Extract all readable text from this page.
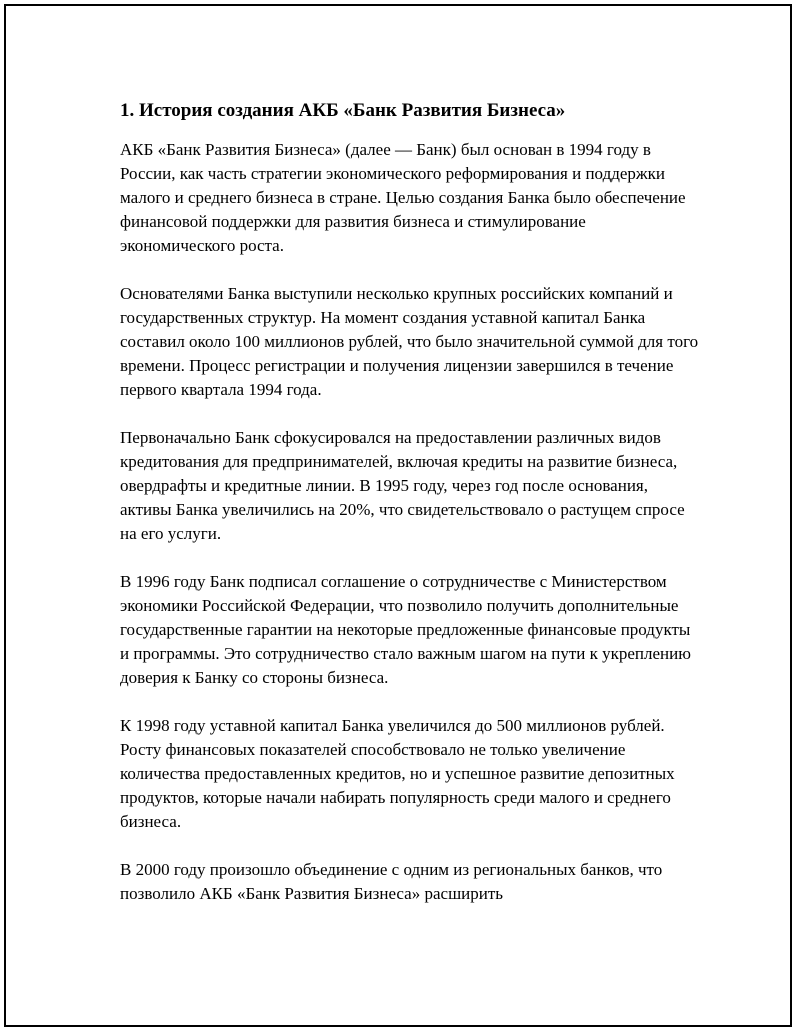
1. История создания АКБ «Банк Развития Бизнеса»

АКБ «Банк Развития Бизнеса» (далее — Банк) был основан в 1994 году в России, как часть стратегии экономического реформирования и поддержки малого и среднего бизнеса в стране. Целью создания Банка было обеспечение финансовой поддержки для развития бизнеса и стимулирование экономического роста.

Основателями Банка выступили несколько крупных российских компаний и государственных структур. На момент создания уставной капитал Банка составил около 100 миллионов рублей, что было значительной суммой для того времени. Процесс регистрации и получения лицензии завершился в течение первого квартала 1994 года.

Первоначально Банк сфокусировался на предоставлении различных видов кредитования для предпринимателей, включая кредиты на развитие бизнеса, овердрафты и кредитные линии. В 1995 году, через год после основания, активы Банка увеличились на 20%, что свидетельствовало о растущем спросе на его услуги.

В 1996 году Банк подписал соглашение о сотрудничестве с Министерством экономики Российской Федерации, что позволило получить дополнительные государственные гарантии на некоторые предложенные финансовые продукты и программы. Это сотрудничество стало важным шагом на пути к укреплению доверия к Банку со стороны бизнеса.

К 1998 году уставной капитал Банка увеличился до 500 миллионов рублей. Росту финансовых показателей способствовало не только увеличение количества предоставленных кредитов, но и успешное развитие депозитных продуктов, которые начали набирать популярность среди малого и среднего бизнеса.

В 2000 году произошло объединение с одним из региональных банков, что позволило АКБ «Банк Развития Бизнеса» расширить
